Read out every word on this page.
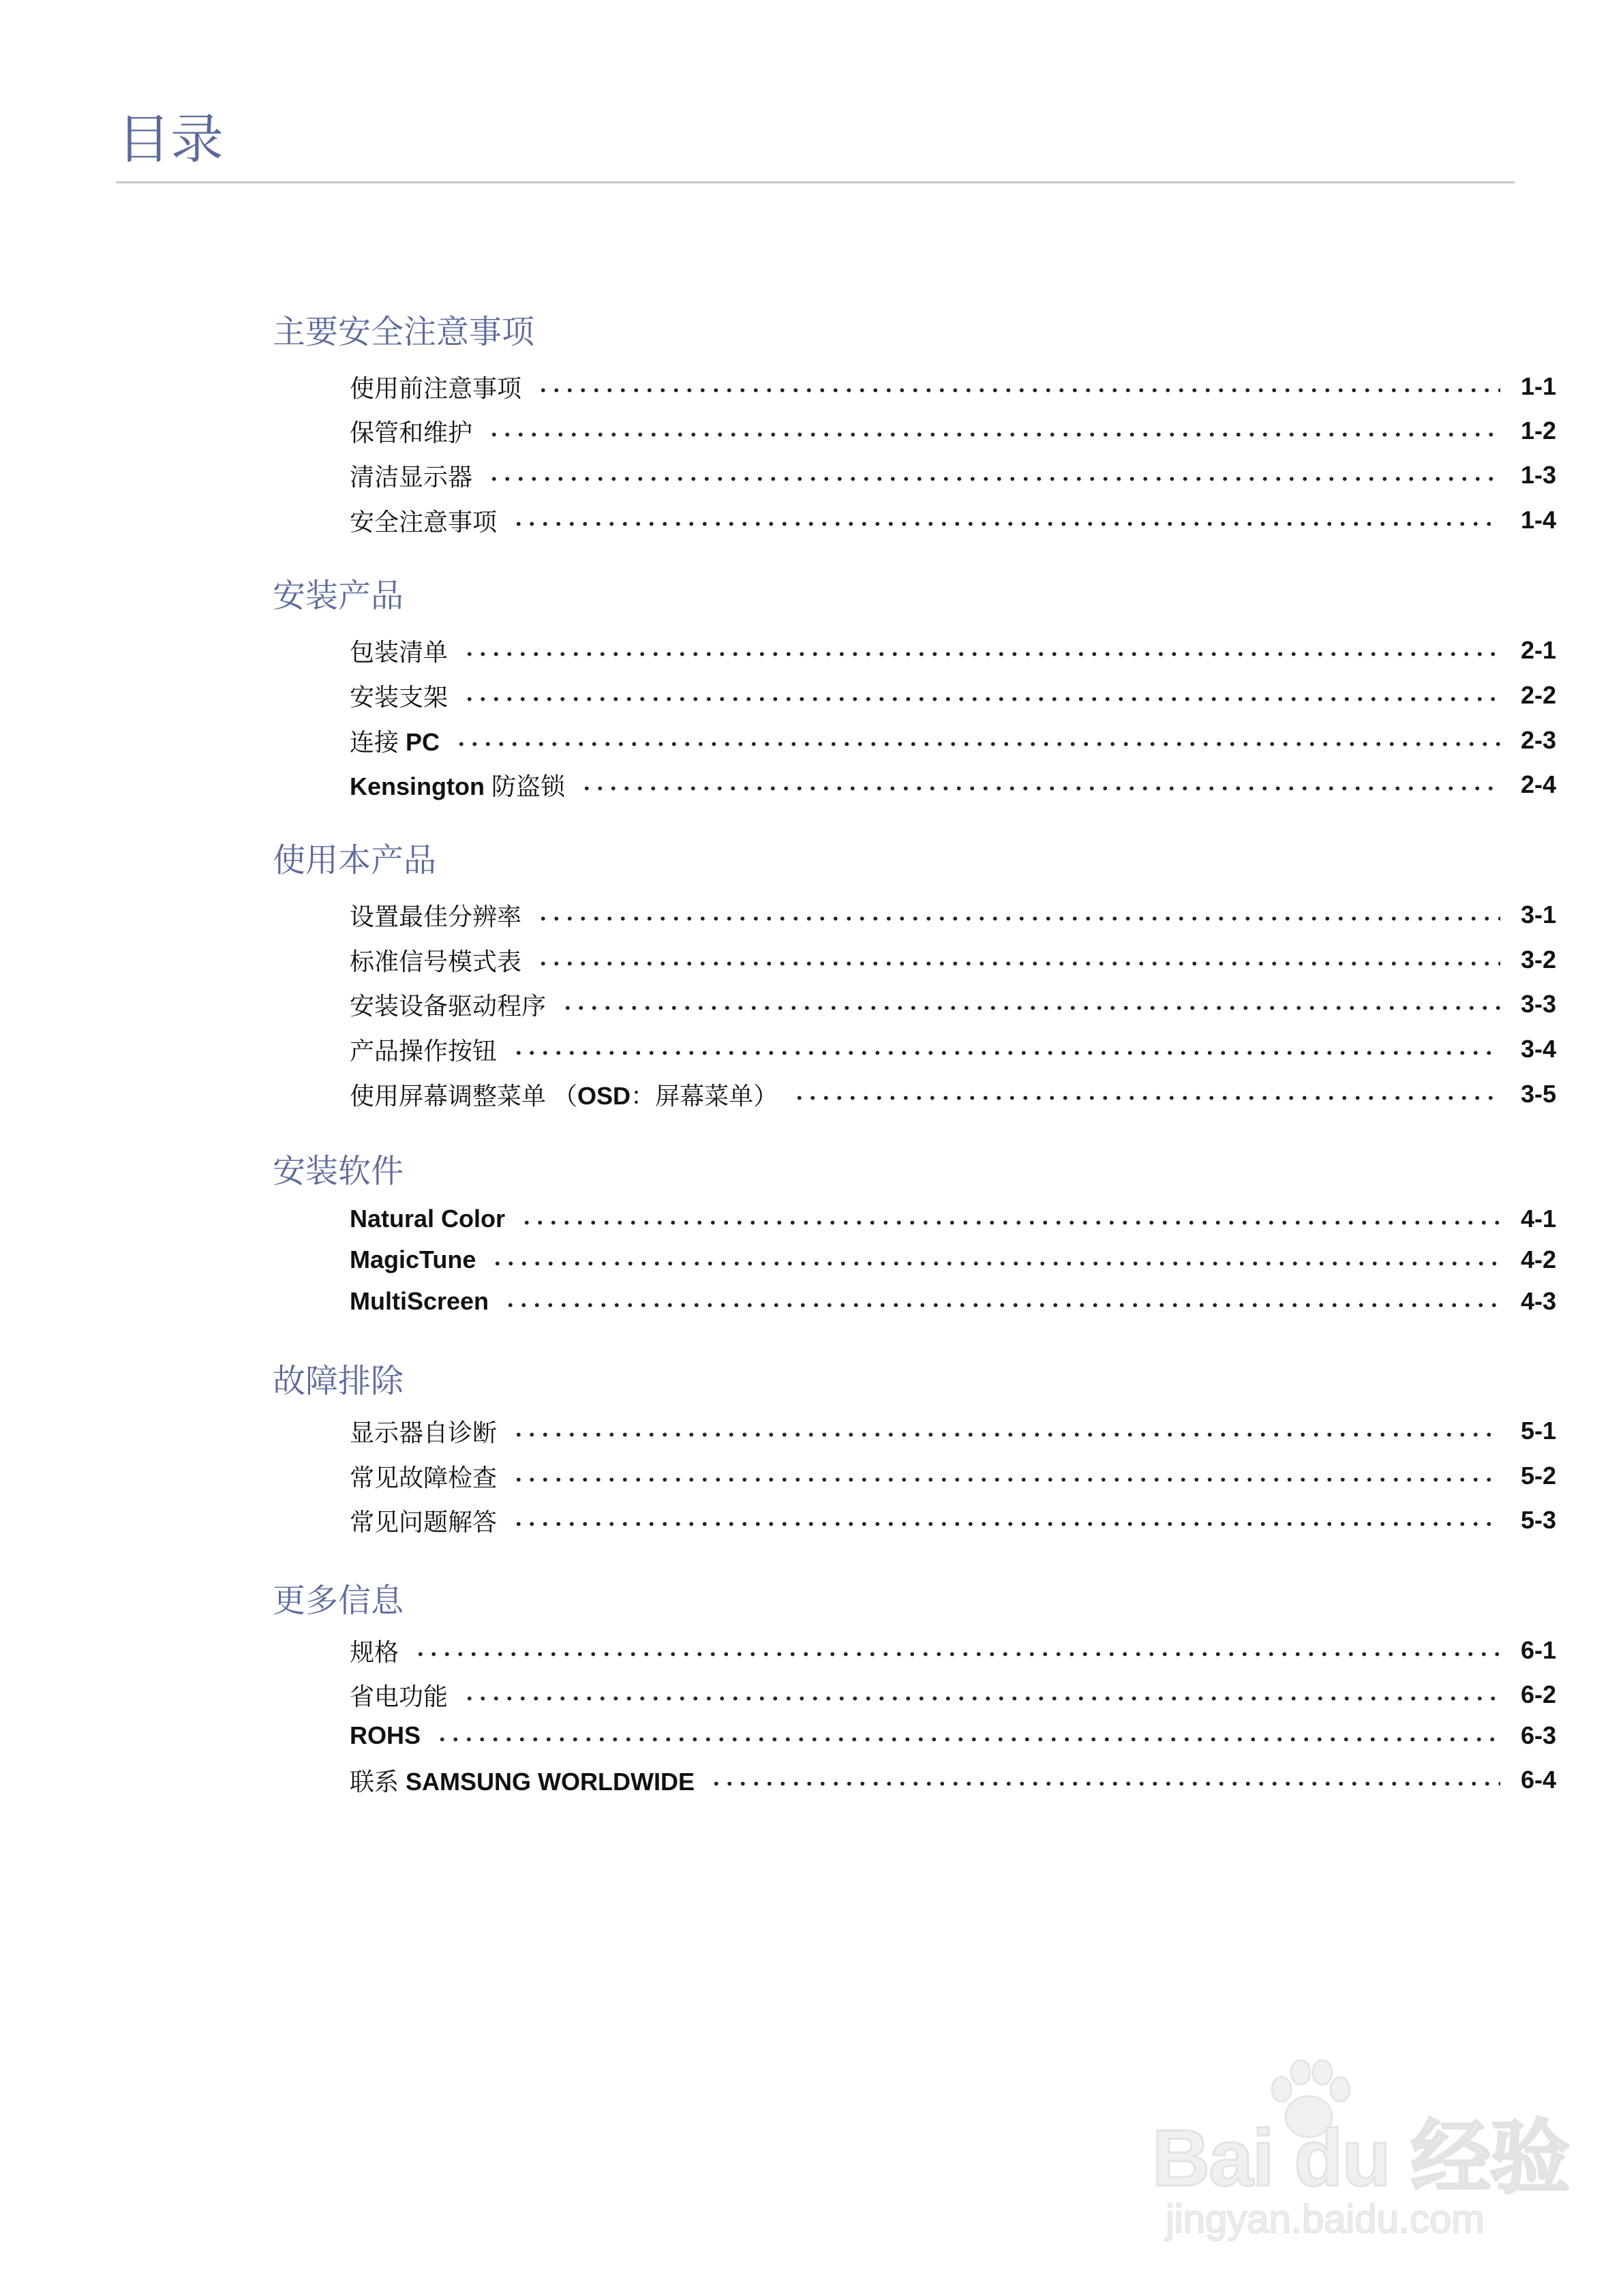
目录
主要安全注意事项
使用前注意事项	1-1
保管和维护	1-2
清洁显示器	1-3
安全注意事项	1-4
安装产品
包装清单	2-1
安装支架	2-2
连接 PC	2-3
Kensington 防盗锁	2-4
使用本产品
设置最佳分辨率	3-1
标准信号模式表	3-2
安装设备驱动程序	3-3
产品操作按钮	3-4
使用屏幕调整菜单 （OSD：屏幕菜单）	3-5
安装软件
Natural Color	4-1
MagicTune	4-2
MultiScreen	4-3
故障排除
显示器自诊断	5-1
常见故障检查	5-2
常见问题解答	5-3
更多信息
规格	6-1
省电功能	6-2
ROHS	6-3
联系 SAMSUNG WORLDWIDE	6-4
Bai du 经验
jingyan.baidu.com
